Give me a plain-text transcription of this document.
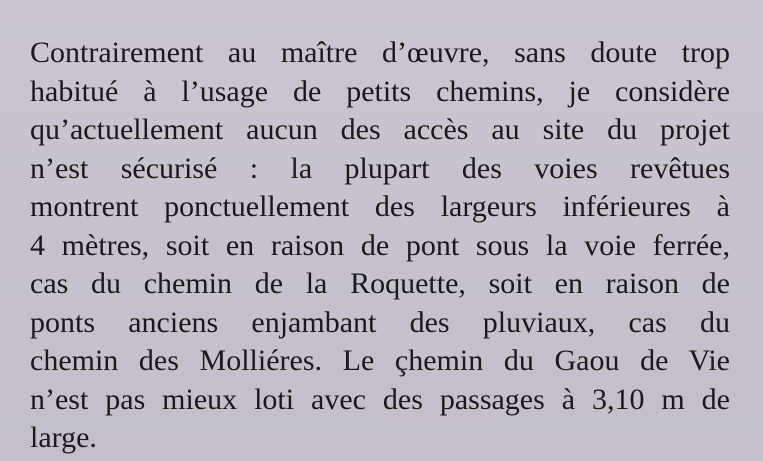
Contrairement au maître d’œuvre, sans doute trop
habitué à l’usage de petits chemins, je considère
qu’actuellement aucun des accès au site du projet
n’est sécurisé : la plupart des voies revêtues
montrent ponctuellement des largeurs inférieures à
4 mètres, soit en raison de pont sous la voie ferrée,
cas du chemin de la Roquette, soit en raison de
ponts anciens enjambant des pluviaux, cas du
chemin des Molliéres. Le çhemin du Gaou de Vie
n’est pas mieux loti avec des passages à 3,10 m de
large.
